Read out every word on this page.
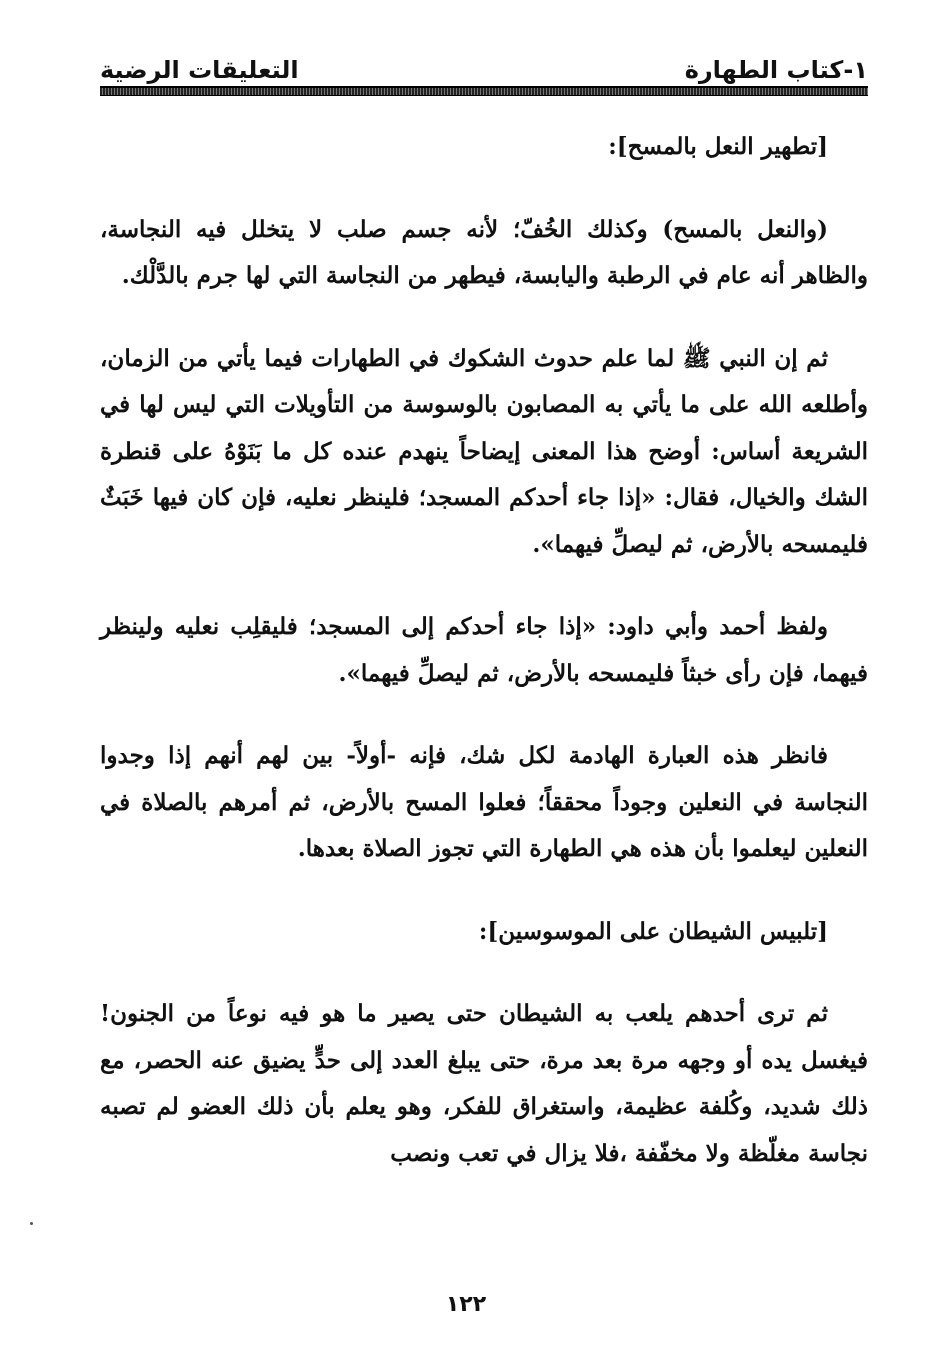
١-كتاب الطهارة
التعليقات الرضية

[تطهير النعل بالمسح]:

(والنعل بالمسح) وكذلك الخُفّ؛ لأنه جسم صلب لا يتخلل فيه النجاسة، والظاهر أنه عام في الرطبة واليابسة، فيطهر من النجاسة التي لها جرم بالدَّلْك.

ثم إن النبي ﷺ لما علم حدوث الشكوك في الطهارات فيما يأتي من الزمان، وأطلعه الله على ما يأتي به المصابون بالوسوسة من التأويلات التي ليس لها في الشريعة أساس: أوضح هذا المعنى إيضاحاً ينهدم عنده كل ما بَنَوْهُ على قنطرة الشك والخيال، فقال: «إذا جاء أحدكم المسجد؛ فلينظر نعليه، فإن كان فيها خَبَثٌ فليمسحه بالأرض، ثم ليصلِّ فيهما».

ولفظ أحمد وأبي داود: «إذا جاء أحدكم إلى المسجد؛ فليقلِب نعليه ولينظر فيهما، فإن رأى خبثاً فليمسحه بالأرض، ثم ليصلِّ فيهما».

فانظر هذه العبارة الهادمة لكل شك، فإنه -أولاً- بين لهم أنهم إذا وجدوا النجاسة في النعلين وجوداً محققاً؛ فعلوا المسح بالأرض، ثم أمرهم بالصلاة في النعلين ليعلموا بأن هذه هي الطهارة التي تجوز الصلاة بعدها.

[تلبيس الشيطان على الموسوسين]:

ثم ترى أحدهم يلعب به الشيطان حتى يصير ما هو فيه نوعاً من الجنون! فيغسل يده أو وجهه مرة بعد مرة، حتى يبلغ العدد إلى حدٍّ يضيق عنه الحصر، مع ذلك شديد، وكُلفة عظيمة، واستغراق للفكر، وهو يعلم بأن ذلك العضو لم تصبه نجاسة مغلّظة ولا مخفّفة ،فلا يزال في تعب ونصب

١٢٢
